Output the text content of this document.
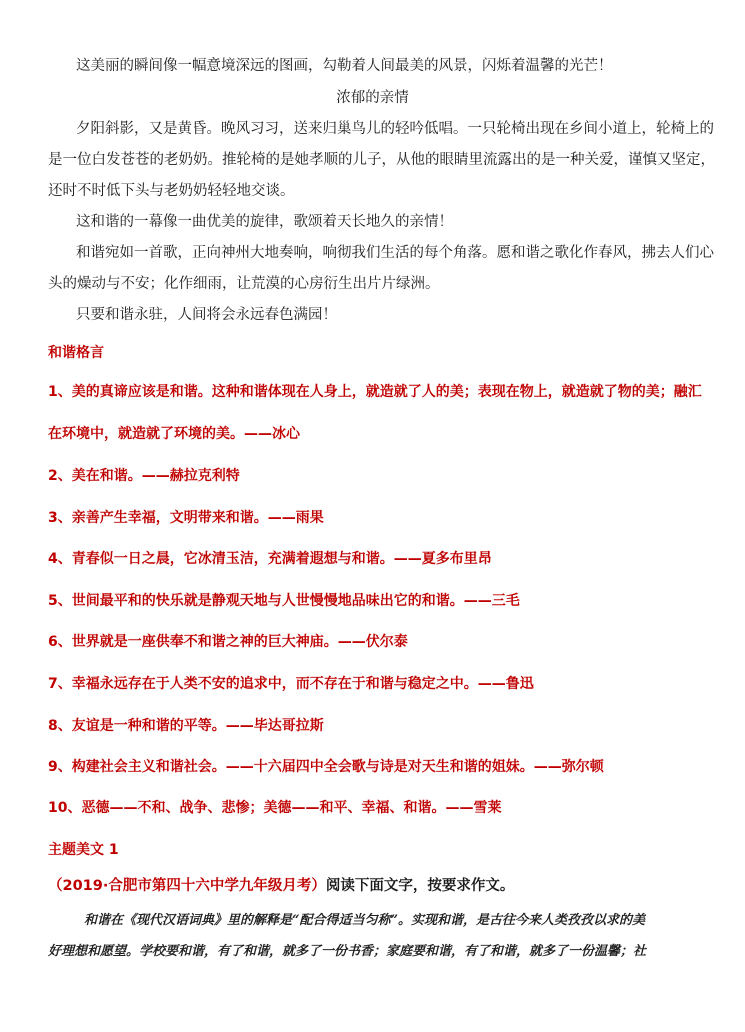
这美丽的瞬间像一幅意境深远的图画，勾勒着人间最美的风景，闪烁着温馨的光芒！
浓郁的亲情
夕阳斜影，又是黄昏。晚风习习，送来归巢鸟儿的轻吟低唱。一只轮椅出现在乡间小道上，轮椅上的
是一位白发苍苍的老奶奶。推轮椅的是她孝顺的儿子，从他的眼睛里流露出的是一种关爱，谨慎又坚定，
还时不时低下头与老奶奶轻轻地交谈。
这和谐的一幕像一曲优美的旋律，歌颂着天长地久的亲情！
和谐宛如一首歌，正向神州大地奏响，响彻我们生活的每个角落。愿和谐之歌化作春风，拂去人们心
头的燥动与不安；化作细雨，让荒漠的心房衍生出片片绿洲。
只要和谐永驻，人间将会永远春色满园！
和谐格言
1、美的真谛应该是和谐。这种和谐体现在人身上，就造就了人的美；表现在物上，就造就了物的美；融汇
在环境中，就造就了环境的美。——冰心
2、美在和谐。——赫拉克利特
3、亲善产生幸福，文明带来和谐。——雨果
4、青春似一日之晨，它冰清玉洁，充满着遐想与和谐。——夏多布里昂
5、世间最平和的快乐就是静观天地与人世慢慢地品味出它的和谐。——三毛
6、世界就是一座供奉不和谐之神的巨大神庙。——伏尔泰
7、幸福永远存在于人类不安的追求中，而不存在于和谐与稳定之中。——鲁迅
8、友谊是一种和谐的平等。——毕达哥拉斯
9、构建社会主义和谐社会。——十六届四中全会歌与诗是对天生和谐的姐妹。——弥尔顿
10、恶德——不和、战争、悲惨；美德——和平、幸福、和谐。——雪莱
主题美文 1
（2019·合肥市第四十六中学九年级月考）阅读下面文字，按要求作文。
和谐在《现代汉语词典》里的解释是“配合得适当匀称”。实现和谐，是古往今来人类孜孜以求的美
好理想和愿望。学校要和谐，有了和谐，就多了一份书香；家庭要和谐，有了和谐，就多了一份温馨；社
